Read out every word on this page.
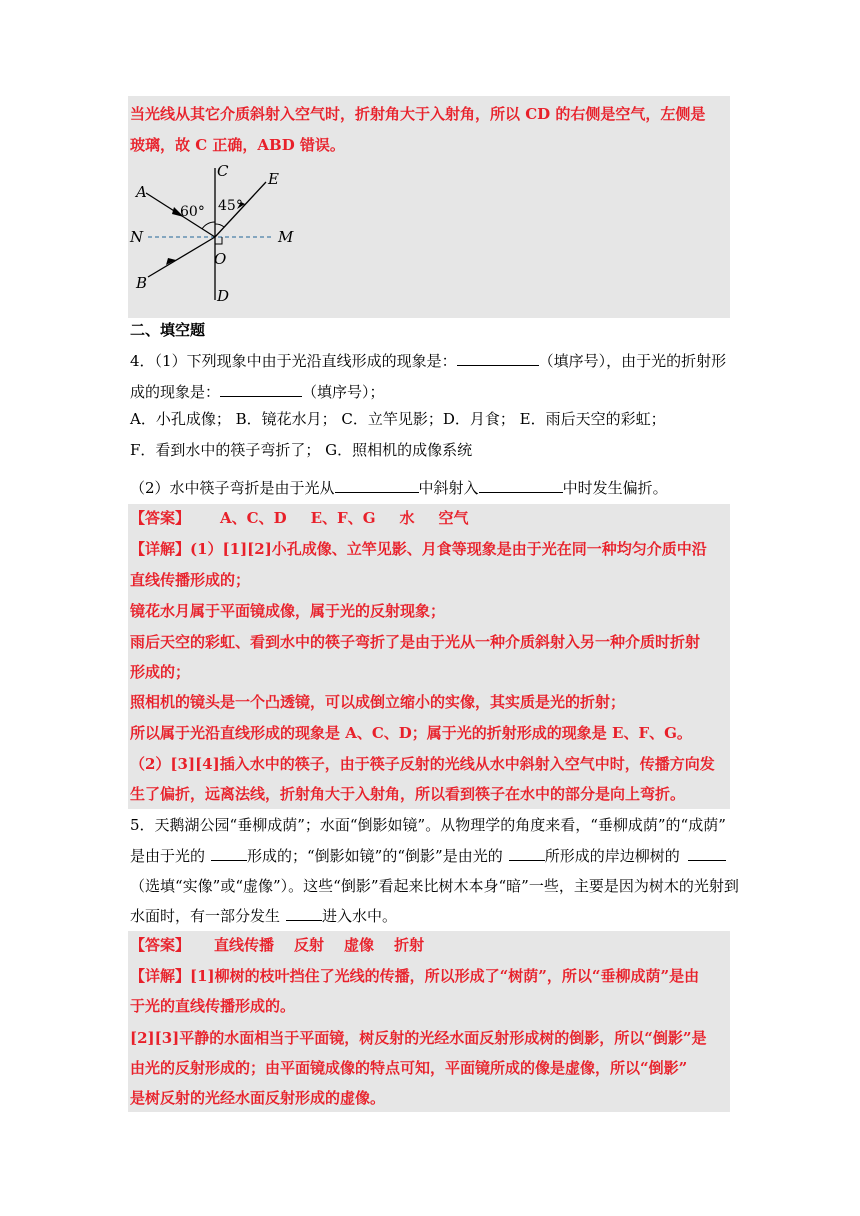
当光线从其它介质斜射入空气时，折射角大于入射角，所以 CD 的右侧是空气，左侧是
玻璃，故 C 正确，ABD 错误。
A
B
C
D
E
N	M
O
60° 45°
二、填空题
4．（1）下列现象中由于光沿直线形成的现象是：	（填序号），由于光的折射形
成的现象是：	（填序号）；
A．小孔成像； B．镜花水月； C．立竿见影；D．月食； E．雨后天空的彩虹；
F．看到水中的筷子弯折了； G．照相机的成像系统
（2）水中筷子弯折是由于光从	中斜射入	中时发生偏折。
【答案】 A、C、D E、F、G 水 空气
【详解】(1）[1][2]小孔成像、立竿见影、月食等现象是由于光在同一种均匀介质中沿
直线传播形成的；
镜花水月属于平面镜成像，属于光的反射现象；
雨后天空的彩虹、看到水中的筷子弯折了是由于光从一种介质斜射入另一种介质时折射
形成的；
照相机的镜头是一个凸透镜，可以成倒立缩小的实像，其实质是光的折射；
所以属于光沿直线形成的现象是 A、C、D；属于光的折射形成的现象是 E、F、G。
（2）[3][4]插入水中的筷子，由于筷子反射的光线从水中斜射入空气中时，传播方向发
生了偏折，远离法线，折射角大于入射角，所以看到筷子在水中的部分是向上弯折。
5．天鹅湖公园“垂柳成荫”；水面“倒影如镜”。从物理学的角度来看，“垂柳成荫”的“成荫”
是由于光的	形成的；“倒影如镜”的“倒影”是由光的	所形成的岸边柳树的
（选填“实像”或“虚像”）。这些“倒影”看起来比树木本身“暗”一些，主要是因为树木的光射到
水面时，有一部分发生	进入水中。
【答案】 直线传播 反射 虚像 折射
【详解】[1]柳树的枝叶挡住了光线的传播，所以形成了“树荫”，所以“垂柳成荫”是由
于光的直线传播形成的。
[2][3]平静的水面相当于平面镜，树反射的光经水面反射形成树的倒影，所以“倒影”是
由光的反射形成的；由平面镜成像的特点可知，平面镜所成的像是虚像，所以“倒影”
是树反射的光经水面反射形成的虚像。
